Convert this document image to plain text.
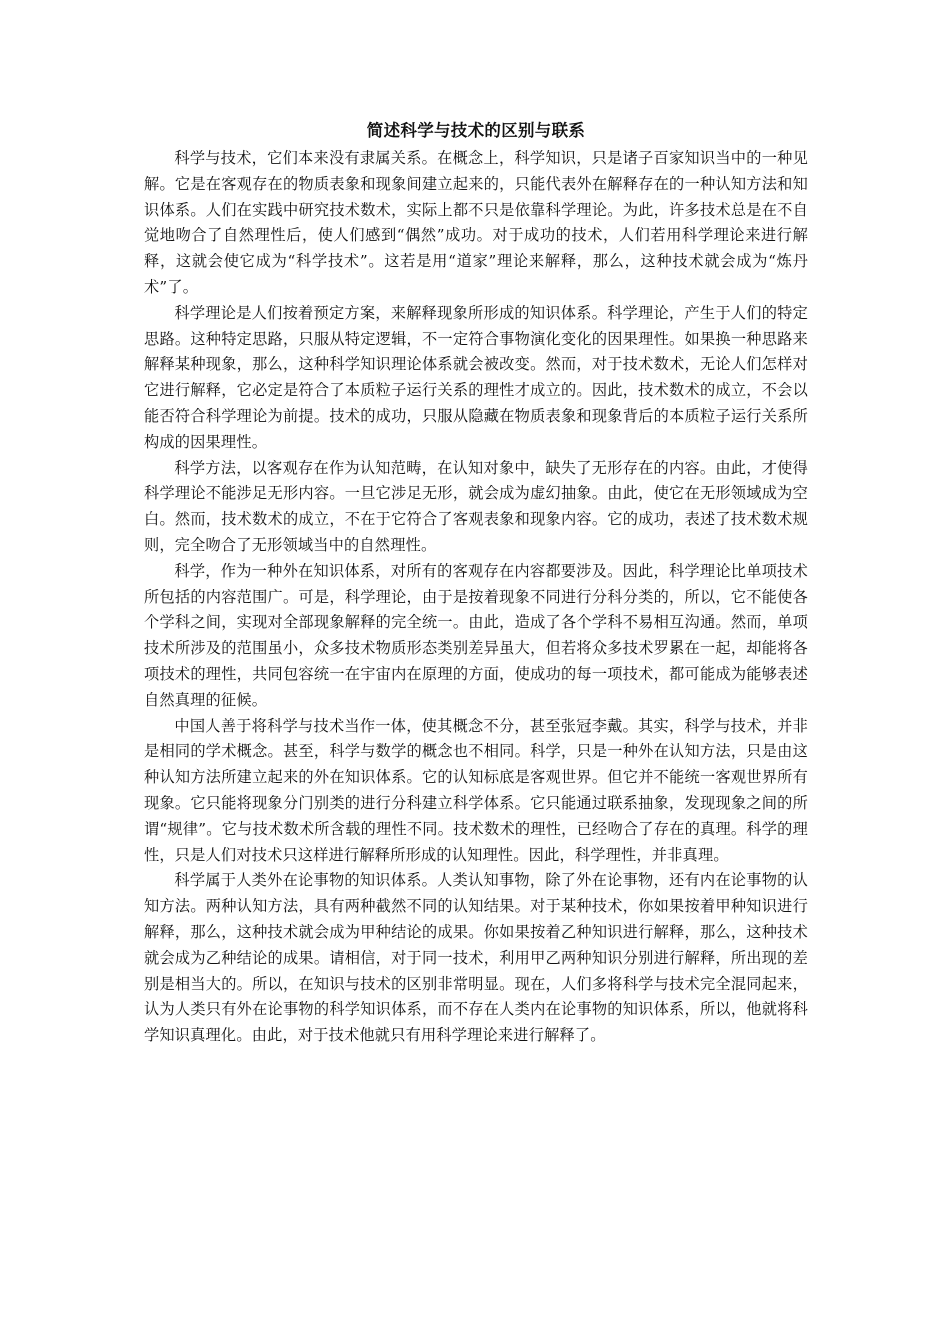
简述科学与技术的区别与联系

科学与技术，它们本来没有隶属关系。在概念上，科学知识，只是诸子百家知识当中的一种见解。它是在客观存在的物质表象和现象间建立起来的，只能代表外在解释存在的一种认知方法和知识体系。人们在实践中研究技术数术，实际上都不只是依靠科学理论。为此，许多技术总是在不自觉地吻合了自然理性后，使人们感到“偶然”成功。对于成功的技术，人们若用科学理论来进行解释，这就会使它成为“科学技术”。这若是用“道家”理论来解释，那么，这种技术就会成为“炼丹术”了。

科学理论是人们按着预定方案，来解释现象所形成的知识体系。科学理论，产生于人们的特定思路。这种特定思路，只服从特定逻辑，不一定符合事物演化变化的因果理性。如果换一种思路来解释某种现象，那么，这种科学知识理论体系就会被改变。然而，对于技术数术，无论人们怎样对它进行解释，它必定是符合了本质粒子运行关系的理性才成立的。因此，技术数术的成立，不会以能否符合科学理论为前提。技术的成功，只服从隐藏在物质表象和现象背后的本质粒子运行关系所构成的因果理性。

科学方法，以客观存在作为认知范畴，在认知对象中，缺失了无形存在的内容。由此，才使得科学理论不能涉足无形内容。一旦它涉足无形，就会成为虚幻抽象。由此，使它在无形领域成为空白。然而，技术数术的成立，不在于它符合了客观表象和现象内容。它的成功，表述了技术数术规则，完全吻合了无形领域当中的自然理性。

科学，作为一种外在知识体系，对所有的客观存在内容都要涉及。因此，科学理论比单项技术所包括的内容范围广。可是，科学理论，由于是按着现象不同进行分科分类的，所以，它不能使各个学科之间，实现对全部现象解释的完全统一。由此，造成了各个学科不易相互沟通。然而，单项技术所涉及的范围虽小，众多技术物质形态类别差异虽大，但若将众多技术罗累在一起，却能将各项技术的理性，共同包容统一在宇宙内在原理的方面，使成功的每一项技术，都可能成为能够表述自然真理的征候。

中国人善于将科学与技术当作一体，使其概念不分，甚至张冠李戴。其实，科学与技术，并非是相同的学术概念。甚至，科学与数学的概念也不相同。科学，只是一种外在认知方法，只是由这种认知方法所建立起来的外在知识体系。它的认知标底是客观世界。但它并不能统一客观世界所有现象。它只能将现象分门别类的进行分科建立科学体系。它只能通过联系抽象，发现现象之间的所谓“规律”。它与技术数术所含载的理性不同。技术数术的理性，已经吻合了存在的真理。科学的理性，只是人们对技术只这样进行解释所形成的认知理性。因此，科学理性，并非真理。

科学属于人类外在论事物的知识体系。人类认知事物，除了外在论事物，还有内在论事物的认知方法。两种认知方法，具有两种截然不同的认知结果。对于某种技术，你如果按着甲种知识进行解释，那么，这种技术就会成为甲种结论的成果。你如果按着乙种知识进行解释，那么，这种技术就会成为乙种结论的成果。请相信，对于同一技术，利用甲乙两种知识分别进行解释，所出现的差别是相当大的。所以，在知识与技术的区别非常明显。现在，人们多将科学与技术完全混同起来，认为人类只有外在论事物的科学知识体系，而不存在人类内在论事物的知识体系，所以，他就将科学知识真理化。由此，对于技术他就只有用科学理论来进行解释了。
